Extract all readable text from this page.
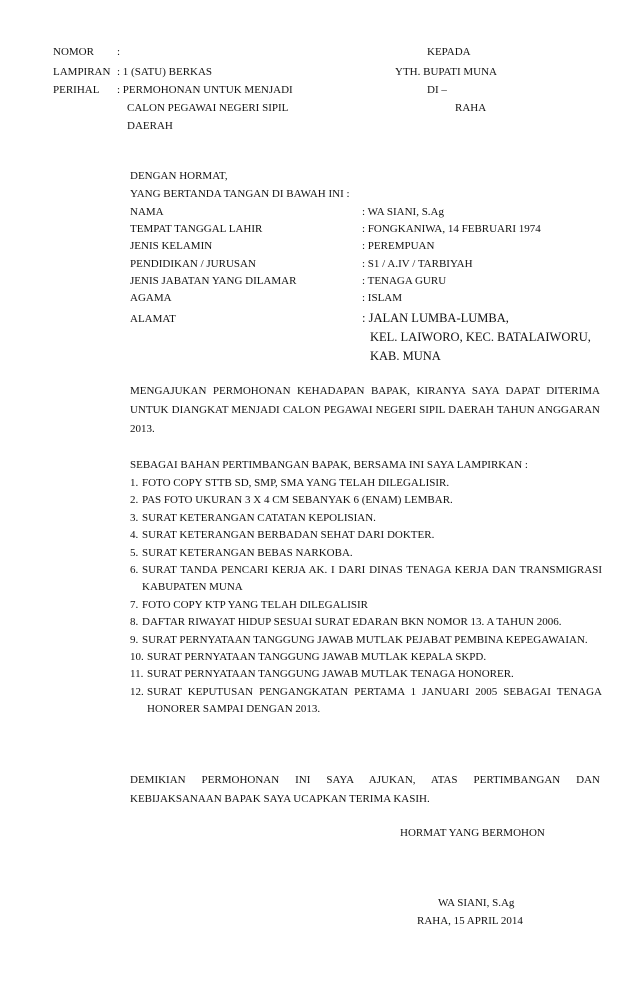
NOMOR :
LAMPIRAN : 1 (SATU) BERKAS
PERIHAL : PERMOHONAN UNTUK MENJADI
CALON PEGAWAI NEGERI SIPIL
DAERAH
KEPADA
YTH. BUPATI MUNA
DI –
RAHA
DENGAN HORMAT,
YANG BERTANDA TANGAN DI BAWAH INI :
NAMA	: WA SIANI, S.Ag
TEMPAT TANGGAL LAHIR	: FONGKANIWA, 14 FEBRUARI 1974
JENIS KELAMIN	: PEREMPUAN
PENDIDIKAN / JURUSAN	: S1 / A.IV / TARBIYAH
JENIS JABATAN YANG DILAMAR	: TENAGA GURU
AGAMA	: ISLAM
ALAMAT	: JALAN LUMBA-LUMBA,
KEL. LAIWORO, KEC. BATALAIWORU,
KAB. MUNA

MENGAJUKAN PERMOHONAN KEHADAPAN BAPAK, KIRANYA SAYA DAPAT DITERIMA UNTUK DIANGKAT MENJADI CALON PEGAWAI NEGERI SIPIL DAERAH TAHUN ANGGARAN 2013.

SEBAGAI BAHAN PERTIMBANGAN BAPAK, BERSAMA INI SAYA LAMPIRKAN :
1. FOTO COPY STTB SD, SMP, SMA YANG TELAH DILEGALISIR.

2. PAS FOTO UKURAN 3 X 4 CM SEBANYAK 6 (ENAM) LEMBAR.

3. SURAT KETERANGAN CATATAN KEPOLISIAN.

4. SURAT KETERANGAN BERBADAN SEHAT DARI DOKTER.

5. SURAT KETERANGAN BEBAS NARKOBA.

6. SURAT TANDA PENCARI KERJA AK. I DARI DINAS TENAGA KERJA DAN TRANSMIGRASI KABUPATEN MUNA

7. FOTO COPY KTP YANG TELAH DILEGALISIR

8. DAFTAR RIWAYAT HIDUP SESUAI SURAT EDARAN BKN NOMOR 13. A TAHUN 2006.

9. SURAT PERNYATAAN TANGGUNG JAWAB MUTLAK PEJABAT PEMBINA KEPEGAWAIAN.

10. SURAT PERNYATAAN TANGGUNG JAWAB MUTLAK KEPALA SKPD.

11. SURAT PERNYATAAN TANGGUNG JAWAB MUTLAK TENAGA HONORER.

12. SURAT KEPUTUSAN PENGANGKATAN PERTAMA 1 JANUARI 2005 SEBAGAI TENAGA HONORER SAMPAI DENGAN 2013.

DEMIKIAN PERMOHONAN INI SAYA AJUKAN, ATAS PERTIMBANGAN DAN KEBIJAKSANAAN BAPAK SAYA UCAPKAN TERIMA KASIH.

HORMAT YANG BERMOHON
WA SIANI, S.Ag
RAHA, 15 APRIL 2014
